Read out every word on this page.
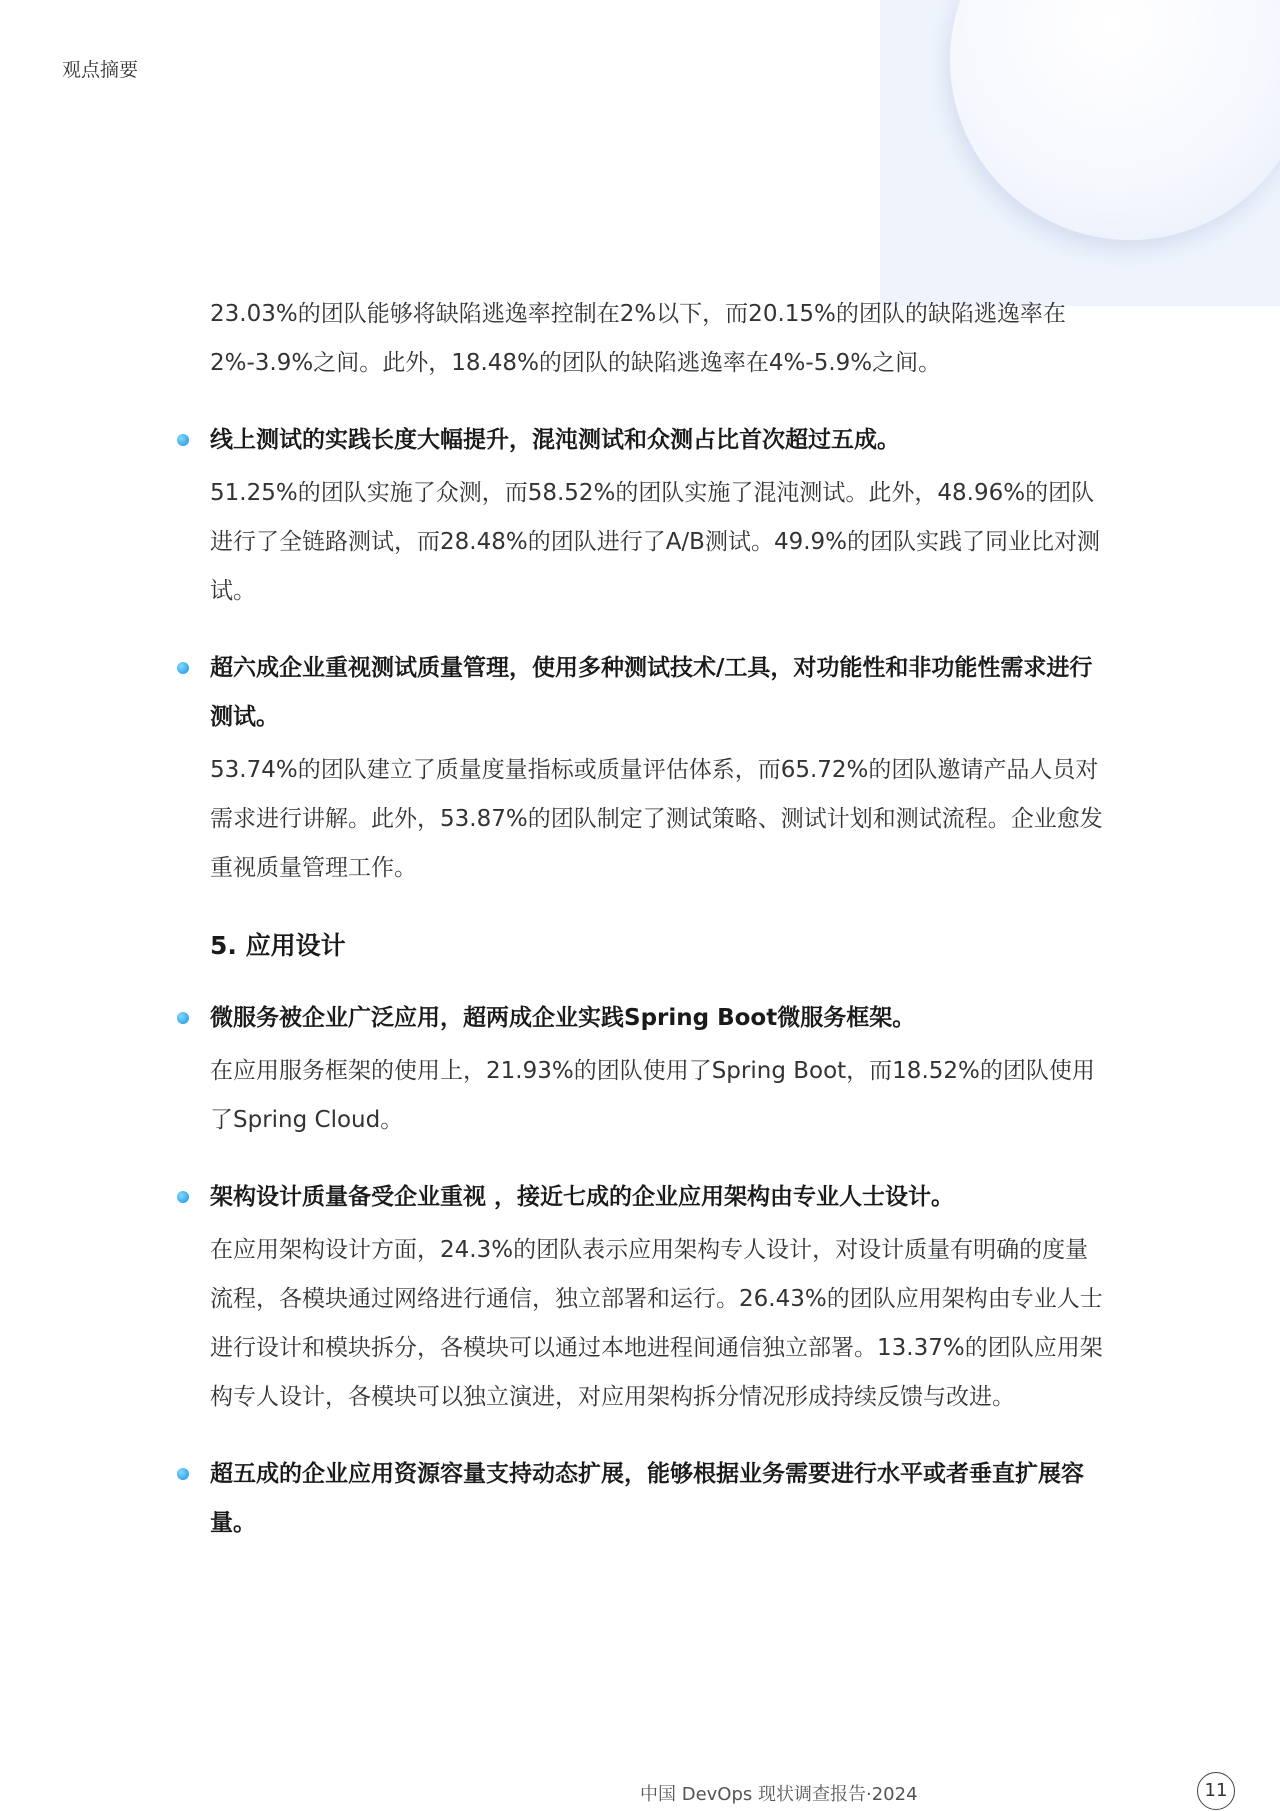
观点摘要

23.03%的团队能够将缺陷逃逸率控制在2%以下，而20.15%的团队的缺陷逃逸率在2%-3.9%之间。此外，18.48%的团队的缺陷逃逸率在4%-5.9%之间。

线上测试的实践长度大幅提升，混沌测试和众测占比首次超过五成。

51.25%的团队实施了众测，而58.52%的团队实施了混沌测试。此外，48.96%的团队进行了全链路测试，而28.48%的团队进行了A/B测试。49.9%的团队实践了同业比对测试。

超六成企业重视测试质量管理，使用多种测试技术/工具，对功能性和非功能性需求进行测试。

53.74%的团队建立了质量度量指标或质量评估体系，而65.72%的团队邀请产品人员对需求进行讲解。此外，53.87%的团队制定了测试策略、测试计划和测试流程。企业愈发重视质量管理工作。

5. 应用设计
微服务被企业广泛应用，超两成企业实践Spring Boot微服务框架。

在应用服务框架的使用上，21.93%的团队使用了Spring Boot，而18.52%的团队使用了Spring Cloud。

架构设计质量备受企业重视 ，接近七成的企业应用架构由专业人士设计。

在应用架构设计方面，24.3%的团队表示应用架构专人设计，对设计质量有明确的度量流程，各模块通过网络进行通信，独立部署和运行。26.43%的团队应用架构由专业人士进行设计和模块拆分，各模块可以通过本地进程间通信独立部署。13.37%的团队应用架构专人设计，各模块可以独立演进，对应用架构拆分情况形成持续反馈与改进。

超五成的企业应用资源容量支持动态扩展，能够根据业务需要进行水平或者垂直扩展容量。
中国 DevOps 现状调查报告·2024	11
